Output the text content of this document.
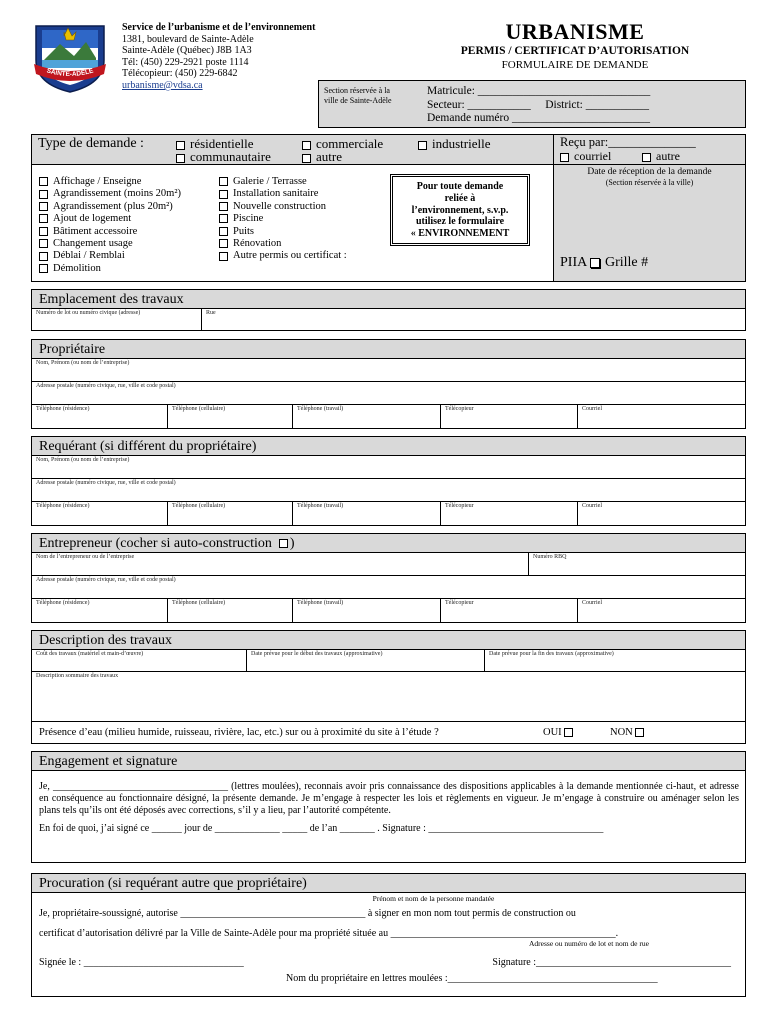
SAINTE-ADÈLE
Service de l’urbanisme et de l’environnement
1381, boulevard de Sainte-Adèle
Sainte-Adèle (Québec) J8B 1A3
Tél: (450) 229-2921 poste 1114
Télécopieur: (450) 229-6842
urbanisme@vdsa.ca
URBANISME
PERMIS / CERTIFICAT D’AUTORISATION
FORMULAIRE DE DEMANDE
Section réservée à la
ville de Sainte-Adèle
Matricule: ______________________________
Secteur: ___________ District: ___________
Demande numéro ________________________
Type de demande :	résidentielle	commerciale	industrielle
communautaire	autre
Affichage / Enseigne
Agrandissement (moins 20m²)
Agrandissement (plus 20m²)
Ajout de logement
Bâtiment accessoire
Changement usage
Déblai / Remblai
Démolition
Galerie / Terrasse
Installation sanitaire
Nouvelle construction
Piscine
Puits
Rénovation
Autre permis ou certificat :
Pour toute demande
reliée à
l’environnement, s.v.p.
utilisez le formulaire
« ENVIRONNEMENT
Reçu par:______________
courriel	autre
Date de réception de la demande
(Section réservée à la ville)
PIIA Grille #
Emplacement des travaux
Numéro de lot ou numéro civique (adresse)	Rue
Propriétaire
Nom, Prénom (ou nom de l’entreprise)
Adresse postale (numéro civique, rue, ville et code postal)
Téléphone (résidence)	Téléphone (cellulaire)	Téléphone (travail)	Télécopieur	Courriel
Requérant (si différent du propriétaire)
Nom, Prénom (ou nom de l’entreprise)
Adresse postale (numéro civique, rue, ville et code postal)
Téléphone (résidence)	Téléphone (cellulaire)	Téléphone (travail)	Télécopieur	Courriel
Entrepreneur (cocher si auto-construction )
Nom de l’entrepreneur ou de l’entreprise	Numéro RBQ
Adresse postale (numéro civique, rue, ville et code postal)
Téléphone (résidence)	Téléphone (cellulaire)	Téléphone (travail)	Télécopieur	Courriel
Description des travaux
Coût des travaux (matériel et main-d’œuvre)	Date prévue pour le début des travaux (approximative)	Date prévue pour la fin des travaux (approximative)
Description sommaire des travaux
Présence d’eau (milieu humide, ruisseau, rivière, lac, etc.) sur ou à proximité du site à l’étude ?	OUI	NON
Engagement et signature
Je, ___________________________________ (lettres moulées), reconnais avoir pris connaissance des dispositions applicables à la demande mentionnée ci-haut, et adresse en conséquence au fonctionnaire désigné, la présente demande. Je m’engage à respecter les lois et règlements en vigueur. Je m’engage à construire ou aménager selon les plans tels qu’ils ont été déposés avec corrections, s’il y a lieu, par l’autorité compétente.
En foi de quoi, j’ai signé ce ______ jour de _____________ _____ de l’an _______ . Signature : ___________________________________
Procuration (si requérant autre que propriétaire)
Prénom et nom de la personne mandatée
Je, propriétaire-soussigné, autorise _____________________________________ à signer en mon nom tout permis de construction ou
certificat d’autorisation délivré par la Ville de Sainte-Adèle pour ma propriété située au _____________________________________________.
Adresse ou numéro de lot et nom de rue
Signée le : ________________________________	Signature :_______________________________________
Nom du propriétaire en lettres moulées :__________________________________________
